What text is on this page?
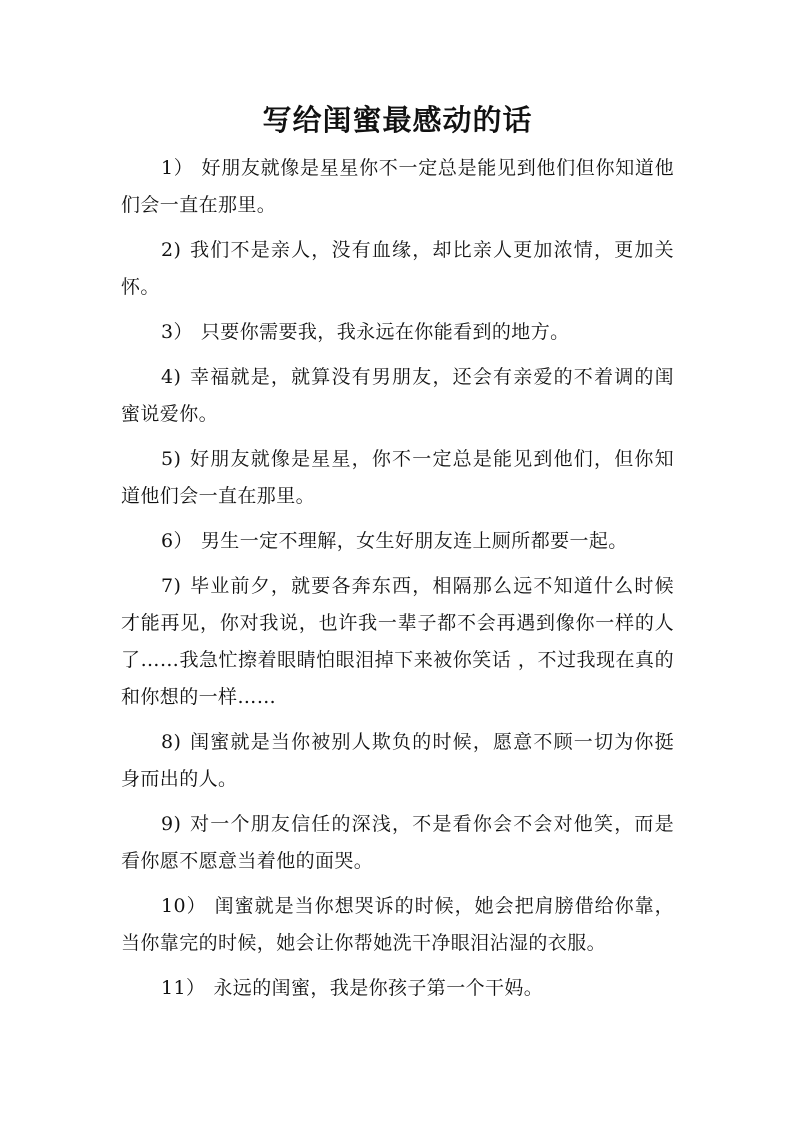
写给闺蜜最感动的话

1） 好朋友就像是星星你不一定总是能见到他们但你知道他们会一直在那里。

2) 我们不是亲人，没有血缘，却比亲人更加浓情，更加关怀。

3） 只要你需要我，我永远在你能看到的地方。

4) 幸福就是，就算没有男朋友，还会有亲爱的不着调的闺蜜说爱你。

5) 好朋友就像是星星，你不一定总是能见到他们，但你知道他们会一直在那里。

6） 男生一定不理解，女生好朋友连上厕所都要一起。

7) 毕业前夕，就要各奔东西，相隔那么远不知道什么时候才能再见，你对我说，也许我一辈子都不会再遇到像你一样的人了……我急忙擦着眼睛怕眼泪掉下来被你笑话 ，不过我现在真的和你想的一样……

8) 闺蜜就是当你被别人欺负的时候，愿意不顾一切为你挺身而出的人。

9) 对一个朋友信任的深浅，不是看你会不会对他笑，而是看你愿不愿意当着他的面哭。

10） 闺蜜就是当你想哭诉的时候，她会把肩膀借给你靠，当你靠完的时候，她会让你帮她洗干净眼泪沾湿的衣服。

11） 永远的闺蜜，我是你孩子第一个干妈。
